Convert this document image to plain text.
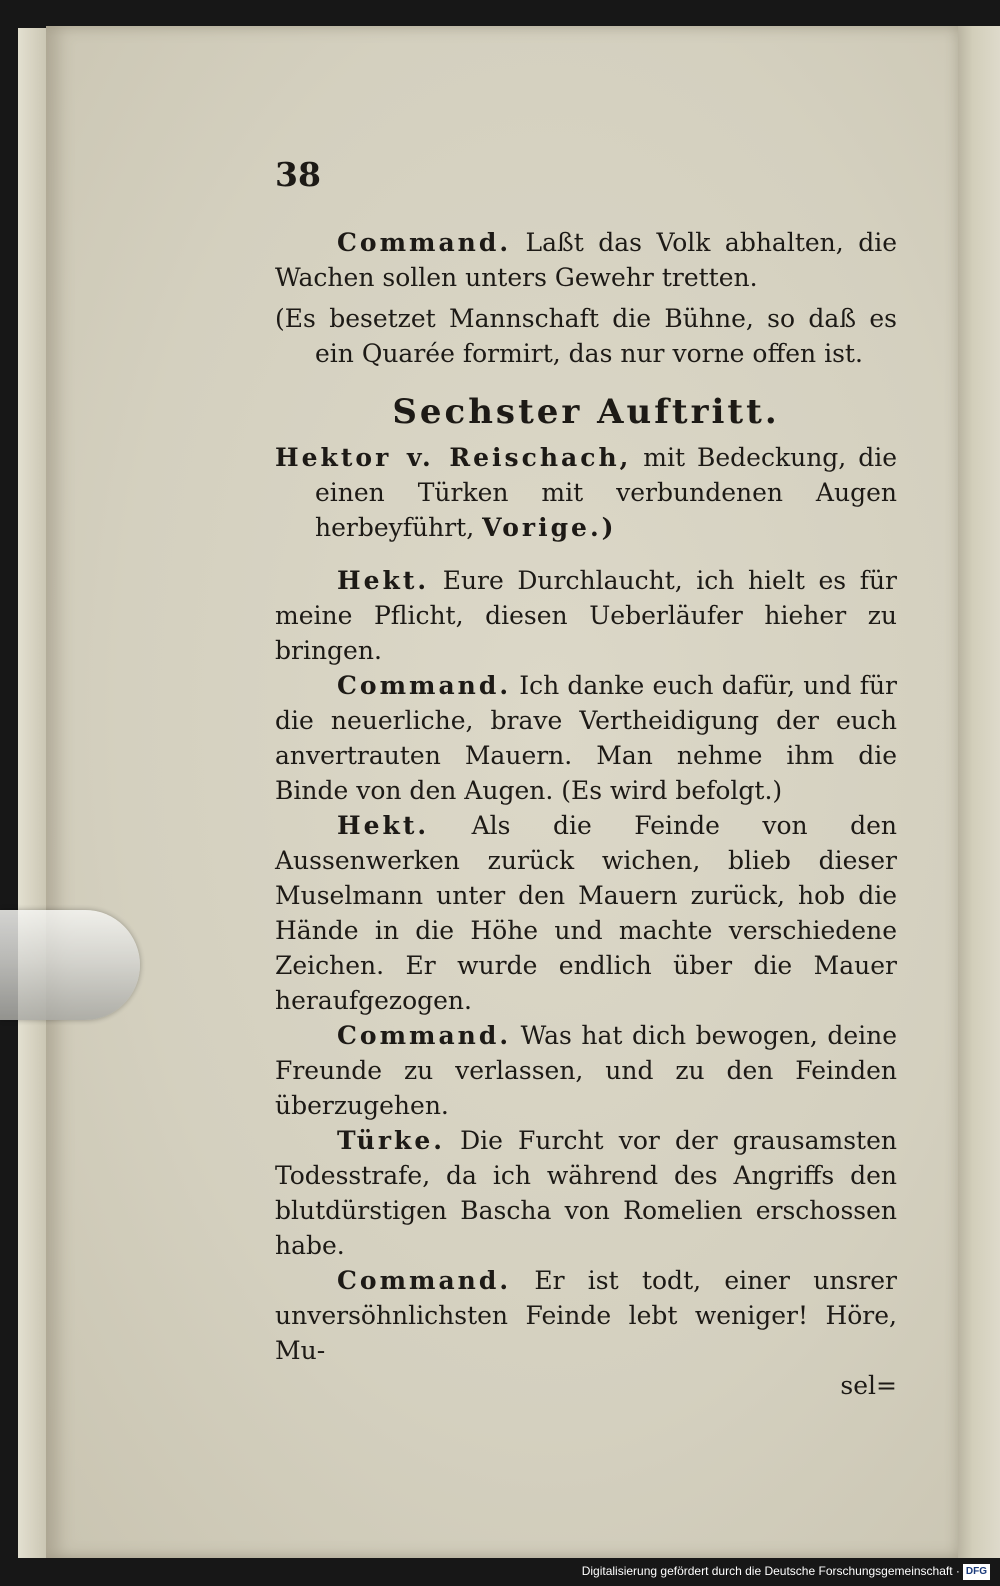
38

Command. Laßt das Volk abhalten, die Wachen sollen unters Gewehr tretten.

(Es besetzet Mannschaft die Bühne, so daß es ein Quarée formirt, das nur vorne offen ist.

Sechster Auftritt.

Hektor v. Reischach, mit Bedeckung, die einen Türken mit verbundenen Augen herbeyführt, Vorige.)

Hekt. Eure Durchlaucht, ich hielt es für meine Pflicht, diesen Ueberläufer hieher zu bringen.

Command. Ich danke euch dafür, und für die neuerliche, brave Vertheidigung der euch anvertrauten Mauern. Man nehme ihm die Binde von den Augen. (Es wird befolgt.)

Hekt. Als die Feinde von den Aussenwerken zurück wichen, blieb dieser Muselmann unter den Mauern zurück, hob die Hände in die Höhe und machte verschiedene Zeichen. Er wurde endlich über die Mauer heraufgezogen.

Command. Was hat dich bewogen, deine Freunde zu verlassen, und zu den Feinden überzugehen.

Türke. Die Furcht vor der grausamsten Todesstrafe, da ich während des Angriffs den blutdürstigen Bascha von Romelien erschossen habe.

Command. Er ist todt, einer unsrer unversöhnlichsten Feinde lebt weniger! Höre, Mu-

sel=

Digitalisierung gefördert durch die Deutsche Forschungsgemeinschaft · DFG
